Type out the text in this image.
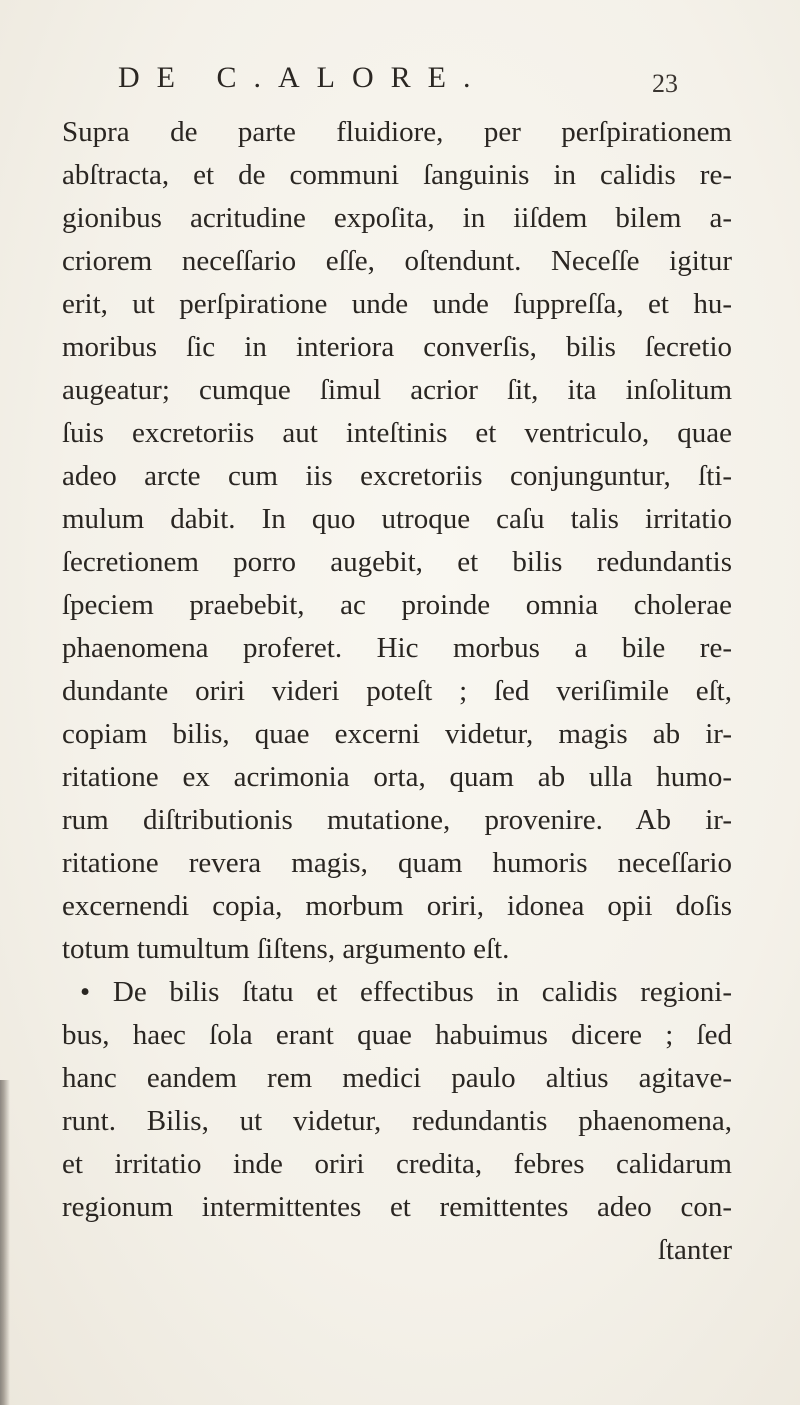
DE C.ALORE.	23
Supra de parte fluidiore, per perſpirationem
abſtracta, et de communi ſanguinis in calidis re-
gionibus acritudine expoſita, in iiſdem bilem a-
criorem neceſſario eſſe, oſtendunt. Neceſſe igitur
erit, ut perſpiratione unde unde ſuppreſſa, et hu-
moribus ſic in interiora converſis, bilis ſecretio
augeatur; cumque ſimul acrior ſit, ita inſolitum
ſuis excretoriis aut inteſtinis et ventriculo, quae
adeo arcte cum iis excretoriis conjunguntur, ſti-
mulum dabit. In quo utroque caſu talis irritatio
ſecretionem porro augebit, et bilis redundantis
ſpeciem praebebit, ac proinde omnia cholerae
phaenomena proferet. Hic morbus a bile re-
dundante oriri videri poteſt ; ſed veriſimile eſt,
copiam bilis, quae excerni videtur, magis ab ir-
ritatione ex acrimonia orta, quam ab ulla humo-
rum diſtributionis mutatione, provenire. Ab ir-
ritatione revera magis, quam humoris neceſſario
excernendi copia, morbum oriri, idonea opii doſis
totum tumultum ſiſtens, argumento eſt.
• De bilis ſtatu et effectibus in calidis regioni-
bus, haec ſola erant quae habuimus dicere ; ſed
hanc eandem rem medici paulo altius agitave-
runt. Bilis, ut videtur, redundantis phaenomena,
et irritatio inde oriri credita, febres calidarum
regionum intermittentes et remittentes adeo con-
ſtanter
